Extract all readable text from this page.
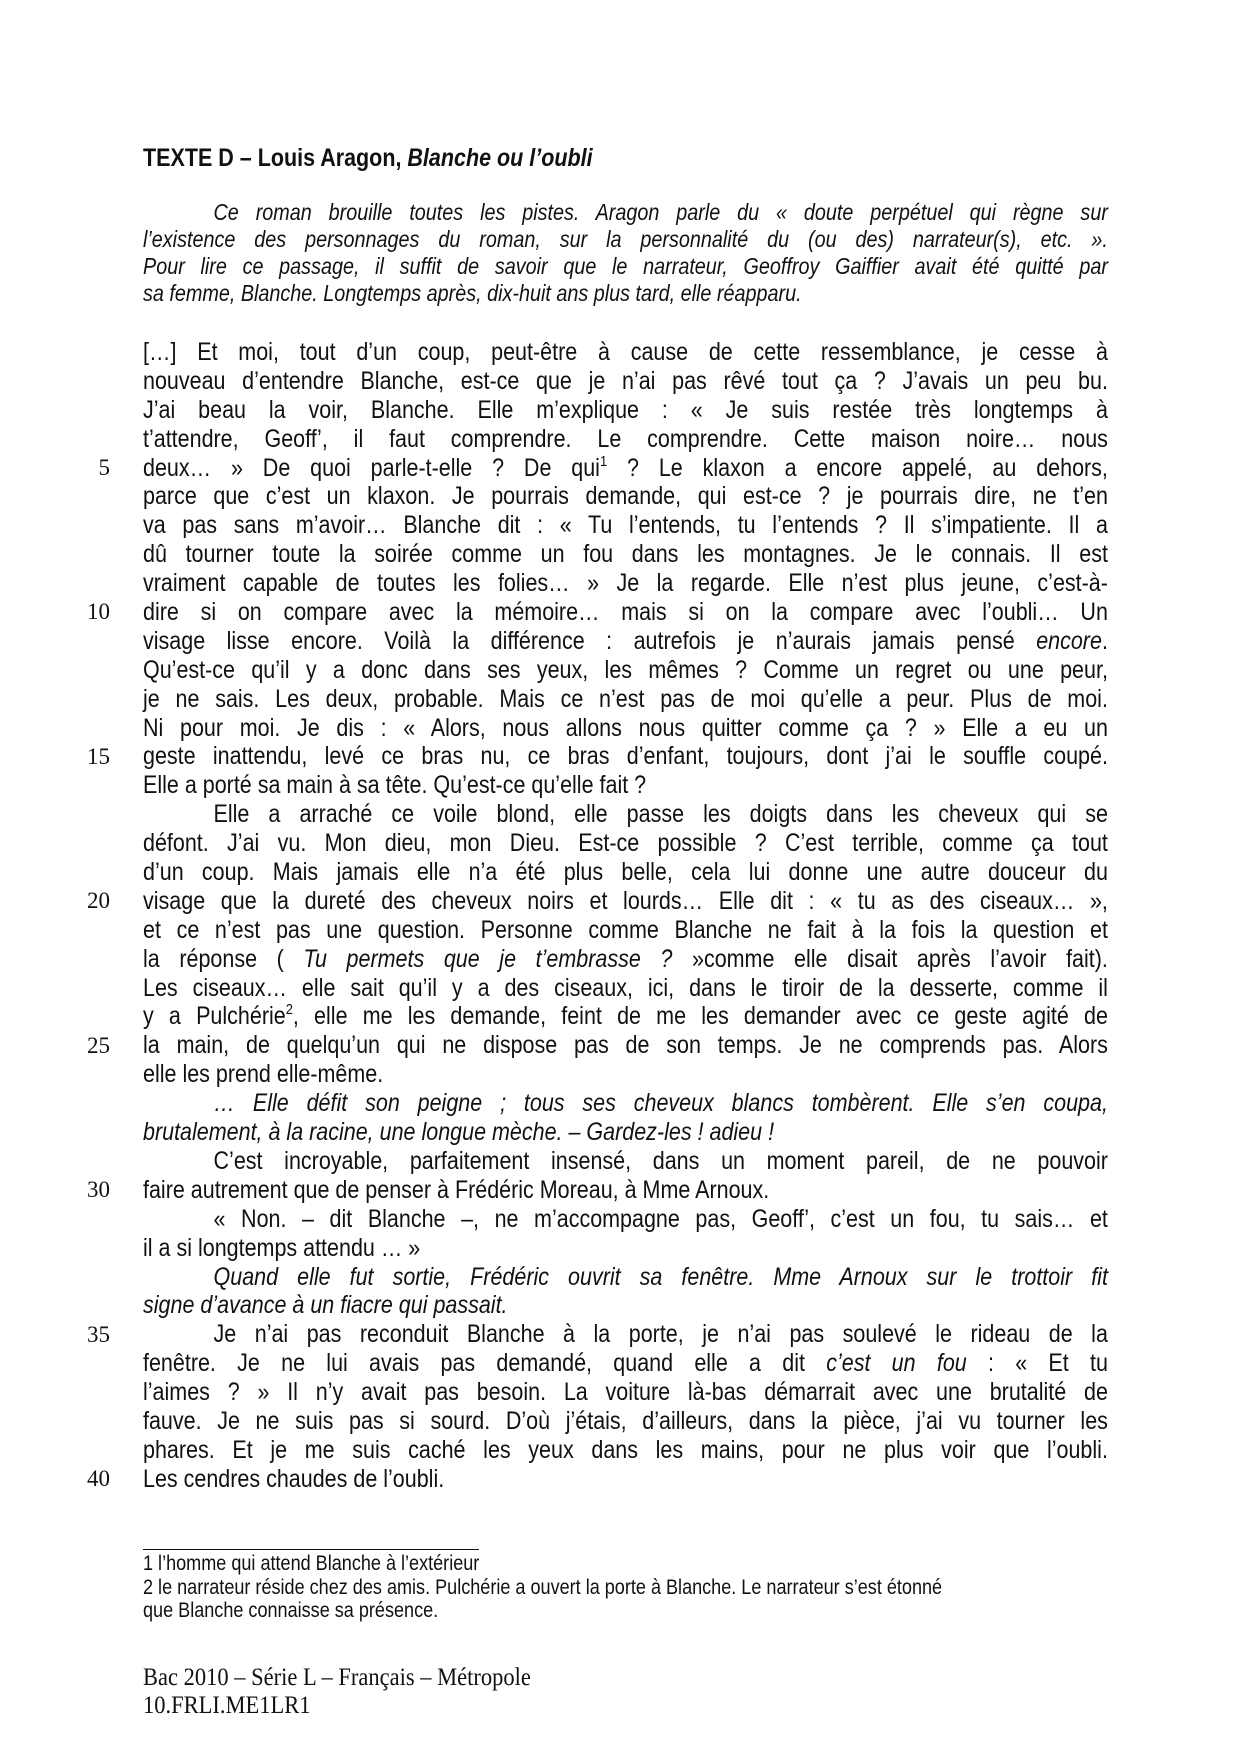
TEXTE D – Louis Aragon, Blanche ou l’oubli
Ce roman brouille toutes les pistes. Aragon parle du « doute perpétuel qui règne sur
l’existence des personnages du roman, sur la personnalité du (ou des) narrateur(s), etc. ».
Pour lire ce passage, il suffit de savoir que le narrateur, Geoffroy Gaiffier avait été quitté par
sa femme, Blanche. Longtemps après, dix-huit ans plus tard, elle réapparu.
5
10
15
20
25
30
35
40
[…] Et moi, tout d’un coup, peut-être à cause de cette ressemblance, je cesse à
nouveau d’entendre Blanche, est-ce que je n’ai pas rêvé tout ça ? J’avais un peu bu.
J’ai beau la voir, Blanche. Elle m’explique : « Je suis restée très longtemps à
t’attendre, Geoff’, il faut comprendre. Le comprendre. Cette maison noire… nous
deux… » De quoi parle-t-elle ? De qui$^1$ ? Le klaxon a encore appelé, au dehors,
parce que c’est un klaxon. Je pourrais demande, qui est-ce ? je pourrais dire, ne t’en
va pas sans m’avoir… Blanche dit : « Tu l’entends, tu l’entends ? Il s’impatiente. Il a
dû tourner toute la soirée comme un fou dans les montagnes. Je le connais. Il est
vraiment capable de toutes les folies… » Je la regarde. Elle n’est plus jeune, c’est-à-
dire si on compare avec la mémoire… mais si on la compare avec l’oubli… Un
visage lisse encore. Voilà la différence : autrefois je n’aurais jamais pensé encore.
Qu’est-ce qu’il y a donc dans ses yeux, les mêmes ? Comme un regret ou une peur,
je ne sais. Les deux, probable. Mais ce n’est pas de moi qu’elle a peur. Plus de moi.
Ni pour moi. Je dis : « Alors, nous allons nous quitter comme ça ? » Elle a eu un
geste inattendu, levé ce bras nu, ce bras d’enfant, toujours, dont j’ai le souffle coupé.
Elle a porté sa main à sa tête. Qu’est-ce qu’elle fait ?
Elle a arraché ce voile blond, elle passe les doigts dans les cheveux qui se
défont. J’ai vu. Mon dieu, mon Dieu. Est-ce possible ? C’est terrible, comme ça tout
d’un coup. Mais jamais elle n’a été plus belle, cela lui donne une autre douceur du
visage que la dureté des cheveux noirs et lourds… Elle dit : « tu as des ciseaux… »,
et ce n’est pas une question. Personne comme Blanche ne fait à la fois la question et
la réponse ( Tu permets que je t’embrasse ? »comme elle disait après l’avoir fait).
Les ciseaux… elle sait qu’il y a des ciseaux, ici, dans le tiroir de la desserte, comme il
y a Pulchérie$^2$, elle me les demande, feint de me les demander avec ce geste agité de
la main, de quelqu’un qui ne dispose pas de son temps. Je ne comprends pas. Alors
elle les prend elle-même.
… Elle défit son peigne ; tous ses cheveux blancs tombèrent. Elle s’en coupa,
brutalement, à la racine, une longue mèche. – Gardez-les ! adieu !
C’est incroyable, parfaitement insensé, dans un moment pareil, de ne pouvoir
faire autrement que de penser à Frédéric Moreau, à Mme Arnoux.
« Non. – dit Blanche –, ne m’accompagne pas, Geoff’, c’est un fou, tu sais… et
il a si longtemps attendu … »
Quand elle fut sortie, Frédéric ouvrit sa fenêtre. Mme Arnoux sur le trottoir fit
signe d’avance à un fiacre qui passait.
Je n’ai pas reconduit Blanche à la porte, je n’ai pas soulevé le rideau de la
fenêtre. Je ne lui avais pas demandé, quand elle a dit c’est un fou : « Et tu
l’aimes ? » Il n’y avait pas besoin. La voiture là-bas démarrait avec une brutalité de
fauve. Je ne suis pas si sourd. D’où j’étais, d’ailleurs, dans la pièce, j’ai vu tourner les
phares. Et je me suis caché les yeux dans les mains, pour ne plus voir que l’oubli.
Les cendres chaudes de l’oubli.
1 l’homme qui attend Blanche à l’extérieur
2 le narrateur réside chez des amis. Pulchérie a ouvert la porte à Blanche. Le narrateur s’est étonné
que Blanche connaisse sa présence.
Bac 2010 – Série L – Français – Métropole
10.FRLI.ME1LR1
